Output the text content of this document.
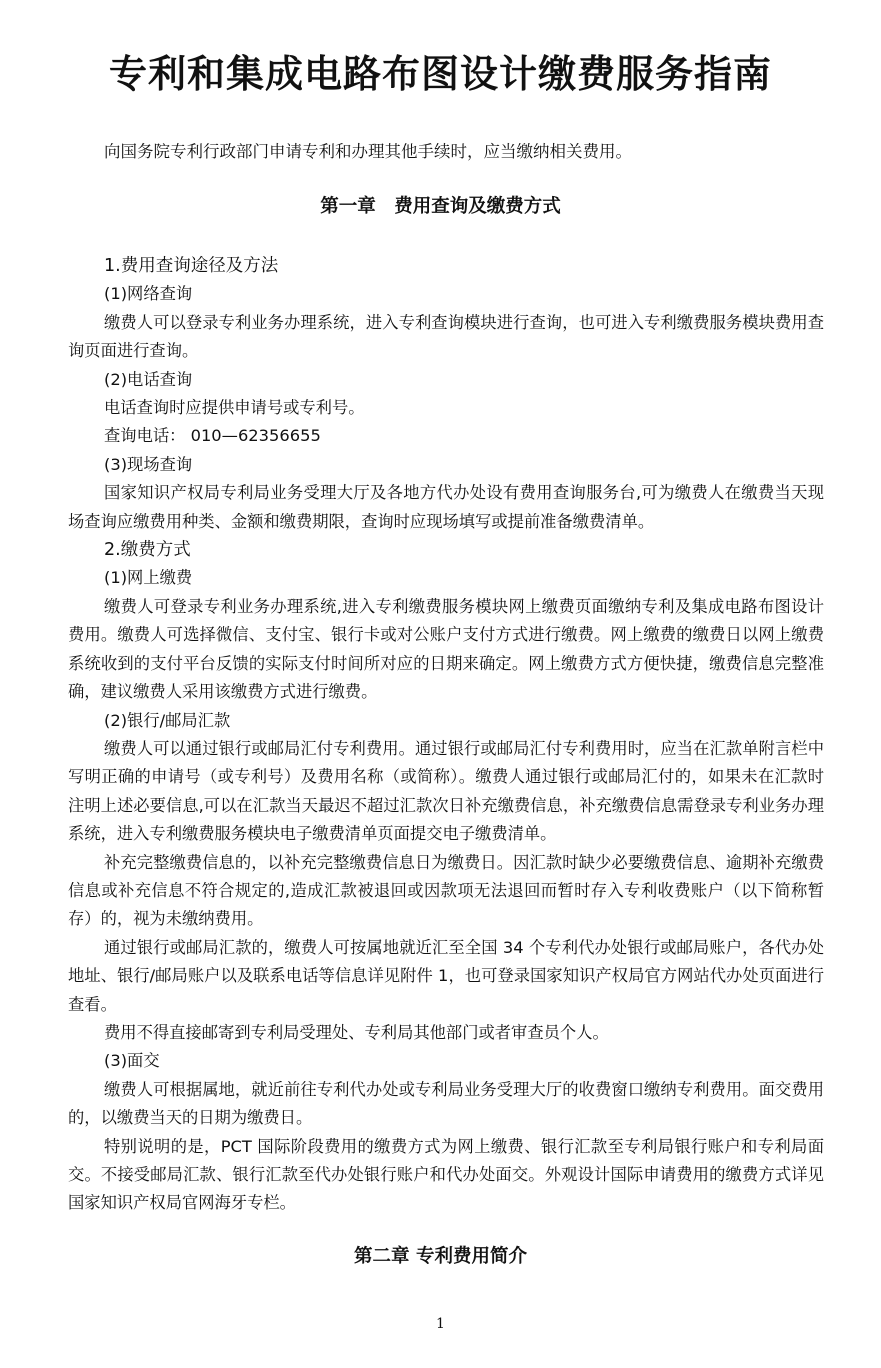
专利和集成电路布图设计缴费服务指南

向国务院专利行政部门申请专利和办理其他手续时，应当缴纳相关费用。

第一章　费用查询及缴费方式

1.费用查询途径及方法

(1)网络查询

缴费人可以登录专利业务办理系统，进入专利查询模块进行查询，也可进入专利缴费服务模块费用查询页面进行查询。

(2)电话查询

电话查询时应提供申请号或专利号。

查询电话： 010—62356655

(3)现场查询

国家知识产权局专利局业务受理大厅及各地方代办处设有费用查询服务台,可为缴费人在缴费当天现场查询应缴费用种类、金额和缴费期限，查询时应现场填写或提前准备缴费清单。

2.缴费方式

(1)网上缴费

缴费人可登录专利业务办理系统,进入专利缴费服务模块网上缴费页面缴纳专利及集成电路布图设计费用。缴费人可选择微信、支付宝、银行卡或对公账户支付方式进行缴费。网上缴费的缴费日以网上缴费系统收到的支付平台反馈的实际支付时间所对应的日期来确定。网上缴费方式方便快捷，缴费信息完整准确，建议缴费人采用该缴费方式进行缴费。

(2)银行/邮局汇款

缴费人可以通过银行或邮局汇付专利费用。通过银行或邮局汇付专利费用时，应当在汇款单附言栏中写明正确的申请号（或专利号）及费用名称（或简称）。缴费人通过银行或邮局汇付的，如果未在汇款时注明上述必要信息,可以在汇款当天最迟不超过汇款次日补充缴费信息，补充缴费信息需登录专利业务办理系统，进入专利缴费服务模块电子缴费清单页面提交电子缴费清单。

补充完整缴费信息的，以补充完整缴费信息日为缴费日。因汇款时缺少必要缴费信息、逾期补充缴费信息或补充信息不符合规定的,造成汇款被退回或因款项无法退回而暂时存入专利收费账户（以下简称暂存）的，视为未缴纳费用。

通过银行或邮局汇款的，缴费人可按属地就近汇至全国 34 个专利代办处银行或邮局账户，各代办处地址、银行/邮局账户以及联系电话等信息详见附件 1，也可登录国家知识产权局官方网站代办处页面进行查看。

费用不得直接邮寄到专利局受理处、专利局其他部门或者审查员个人。

(3)面交

缴费人可根据属地，就近前往专利代办处或专利局业务受理大厅的收费窗口缴纳专利费用。面交费用的，以缴费当天的日期为缴费日。

特别说明的是，PCT 国际阶段费用的缴费方式为网上缴费、银行汇款至专利局银行账户和专利局面交。不接受邮局汇款、银行汇款至代办处银行账户和代办处面交。外观设计国际申请费用的缴费方式详见国家知识产权局官网海牙专栏。

第二章 专利费用简介

1
